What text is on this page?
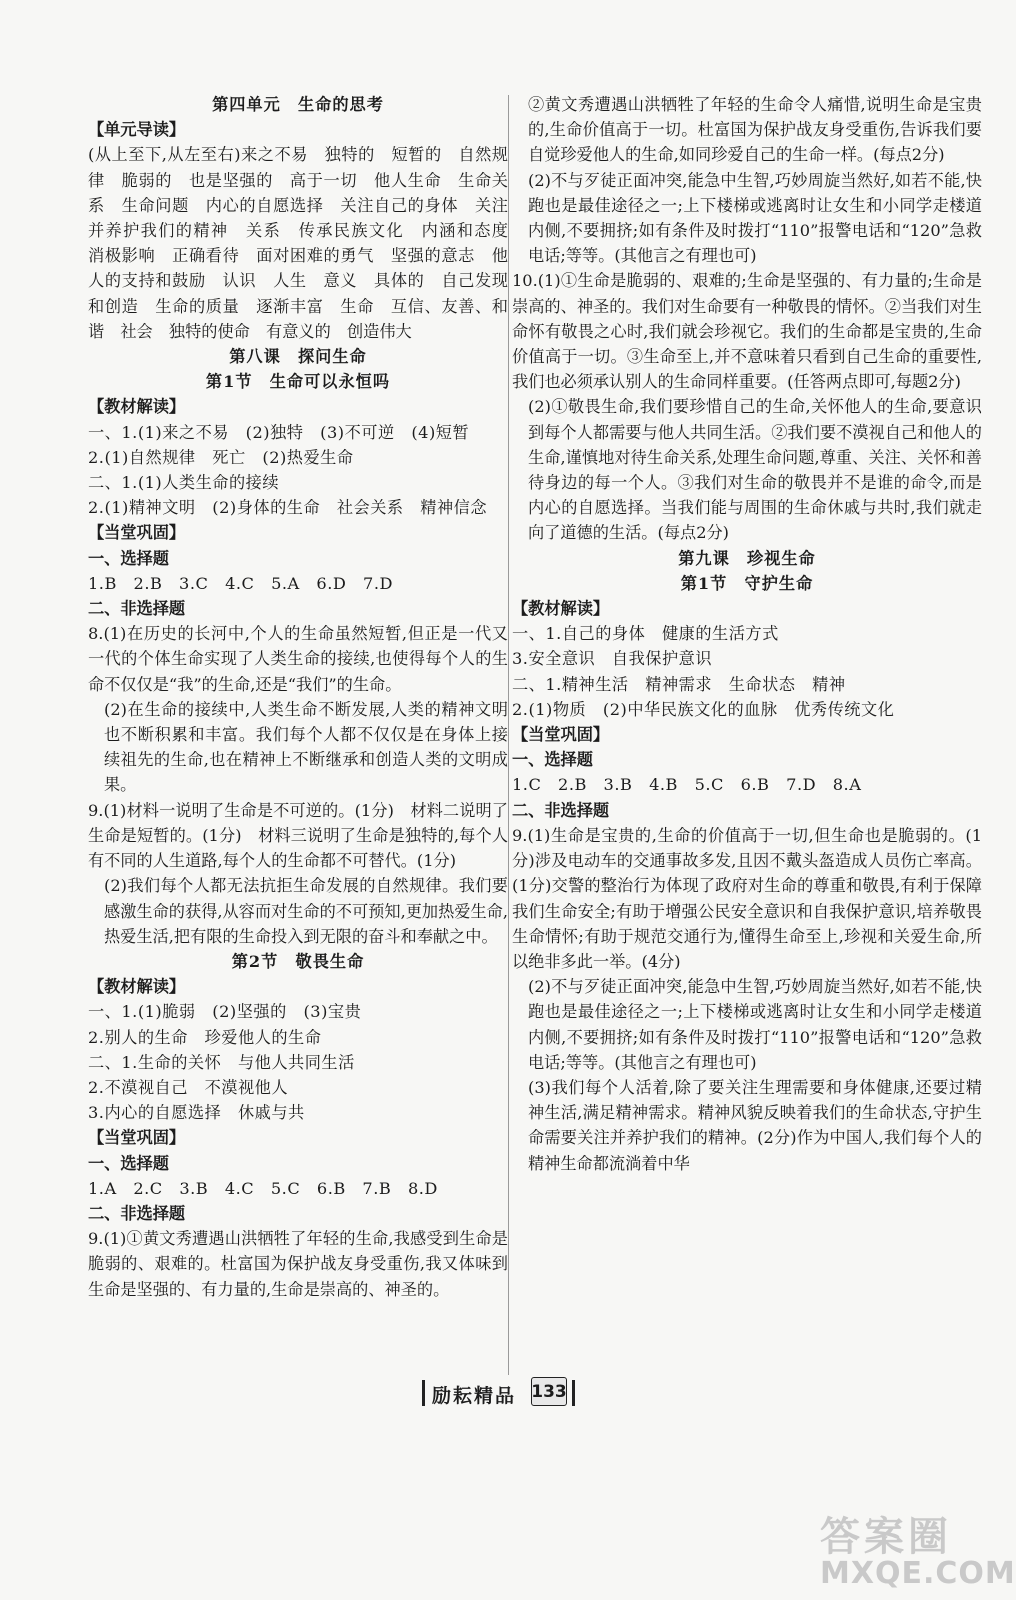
第四单元　生命的思考

【单元导读】

(从上至下,从左至右)来之不易　独特的　短暂的　自然规律　脆弱的　也是坚强的　高于一切　他人生命　生命关系　生命问题　内心的自愿选择　关注自己的身体　关注并养护我们的精神　关系　传承民族文化　内涵和态度　消极影响　正确看待　面对困难的勇气　坚强的意志　他人的支持和鼓励　认识　人生　意义　具体的　自己发现和创造　生命的质量　逐渐丰富　生命　互信、友善、和谐　社会　独特的使命　有意义的　创造伟大

第八课　探问生命

第1节　生命可以永恒吗

【教材解读】

一、1.(1)来之不易　(2)独特　(3)不可逆　(4)短暂

2.(1)自然规律　死亡　(2)热爱生命

二、1.(1)人类生命的接续

2.(1)精神文明　(2)身体的生命　社会关系　精神信念

【当堂巩固】

一、选择题

1.B　2.B　3.C　4.C　5.A　6.D　7.D

二、非选择题

8.(1)在历史的长河中,个人的生命虽然短暂,但正是一代又一代的个体生命实现了人类生命的接续,也使得每个人的生命不仅仅是“我”的生命,还是“我们”的生命。

(2)在生命的接续中,人类生命不断发展,人类的精神文明也不断积累和丰富。我们每个人都不仅仅是在身体上接续祖先的生命,也在精神上不断继承和创造人类的文明成果。

9.(1)材料一说明了生命是不可逆的。(1分)　材料二说明了生命是短暂的。(1分)　材料三说明了生命是独特的,每个人有不同的人生道路,每个人的生命都不可替代。(1分)

(2)我们每个人都无法抗拒生命发展的自然规律。我们要感激生命的获得,从容而对生命的不可预知,更加热爱生命,热爱生活,把有限的生命投入到无限的奋斗和奉献之中。

第2节　敬畏生命

【教材解读】

一、1.(1)脆弱　(2)坚强的　(3)宝贵

2.别人的生命　珍爱他人的生命

二、1.生命的关怀　与他人共同生活

2.不漠视自己　不漠视他人

3.内心的自愿选择　休戚与共

【当堂巩固】

一、选择题

1.A　2.C　3.B　4.C　5.C　6.B　7.B　8.D

二、非选择题

9.(1)①黄文秀遭遇山洪牺牲了年轻的生命,我感受到生命是脆弱的、艰难的。杜富国为保护战友身受重伤,我又体味到生命是坚强的、有力量的,生命是崇高的、神圣的。

②黄文秀遭遇山洪牺牲了年轻的生命令人痛惜,说明生命是宝贵的,生命价值高于一切。杜富国为保护战友身受重伤,告诉我们要自觉珍爱他人的生命,如同珍爱自己的生命一样。(每点2分)

(2)不与歹徒正面冲突,能急中生智,巧妙周旋当然好,如若不能,快跑也是最佳途径之一;上下楼梯或逃离时让女生和小同学走楼道内侧,不要拥挤;如有条件及时拨打“110”报警电话和“120”急救电话;等等。(其他言之有理也可)

10.(1)①生命是脆弱的、艰难的;生命是坚强的、有力量的;生命是崇高的、神圣的。我们对生命要有一种敬畏的情怀。②当我们对生命怀有敬畏之心时,我们就会珍视它。我们的生命都是宝贵的,生命价值高于一切。③生命至上,并不意味着只看到自己生命的重要性,我们也必须承认别人的生命同样重要。(任答两点即可,每题2分)

(2)①敬畏生命,我们要珍惜自己的生命,关怀他人的生命,要意识到每个人都需要与他人共同生活。②我们要不漠视自己和他人的生命,谨慎地对待生命关系,处理生命问题,尊重、关注、关怀和善待身边的每一个人。③我们对生命的敬畏并不是谁的命令,而是内心的自愿选择。当我们能与周围的生命休戚与共时,我们就走向了道德的生活。(每点2分)

第九课　珍视生命

第1节　守护生命

【教材解读】

一、1.自己的身体　健康的生活方式

3.安全意识　自我保护意识

二、1.精神生活　精神需求　生命状态　精神

2.(1)物质　(2)中华民族文化的血脉　优秀传统文化

【当堂巩固】

一、选择题

1.C　2.B　3.B　4.B　5.C　6.B　7.D　8.A

二、非选择题

9.(1)生命是宝贵的,生命的价值高于一切,但生命也是脆弱的。(1分)涉及电动车的交通事故多发,且因不戴头盔造成人员伤亡率高。(1分)交警的整治行为体现了政府对生命的尊重和敬畏,有利于保障我们生命安全;有助于增强公民安全意识和自我保护意识,培养敬畏生命情怀;有助于规范交通行为,懂得生命至上,珍视和关爱生命,所以绝非多此一举。(4分)

(2)不与歹徒正面冲突,能急中生智,巧妙周旋当然好,如若不能,快跑也是最佳途径之一;上下楼梯或逃离时让女生和小同学走楼道内侧,不要拥挤;如有条件及时拨打“110”报警电话和“120”急救电话;等等。(其他言之有理也可)

(3)我们每个人活着,除了要关注生理需要和身体健康,还要过精神生活,满足精神需求。精神风貌反映着我们的生命状态,守护生命需要关注并养护我们的精神。(2分)作为中国人,我们每个人的精神生命都流淌着中华

励耘精品 133
答案圈
MXQE.COM
